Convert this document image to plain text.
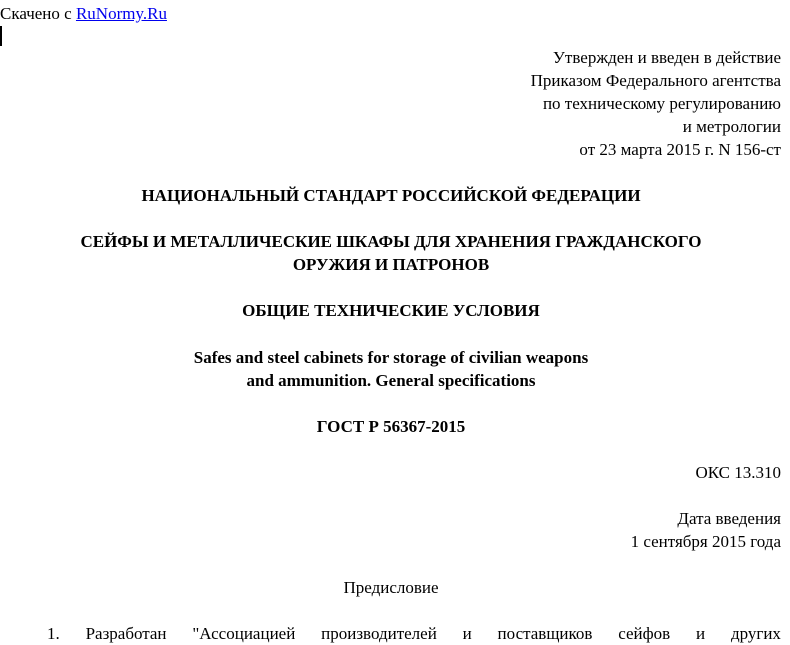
Скачено с RuNormy.Ru
Утвержден и введен в действие
Приказом Федерального агентства
по техническому регулированию
и метрологии
от 23 марта 2015 г. N 156-ст
НАЦИОНАЛЬНЫЙ СТАНДАРТ РОССИЙСКОЙ ФЕДЕРАЦИИ
СЕЙФЫ И МЕТАЛЛИЧЕСКИЕ ШКАФЫ ДЛЯ ХРАНЕНИЯ ГРАЖДАНСКОГО
ОРУЖИЯ И ПАТРОНОВ
ОБЩИЕ ТЕХНИЧЕСКИЕ УСЛОВИЯ
Safes and steel cabinets for storage of civilian weapons
and ammunition. General specifications
ГОСТ Р 56367-2015
ОКС 13.310
Дата введения
1 сентября 2015 года
Предисловие
1. Разработан "Ассоциацией производителей и поставщиков сейфов и других
